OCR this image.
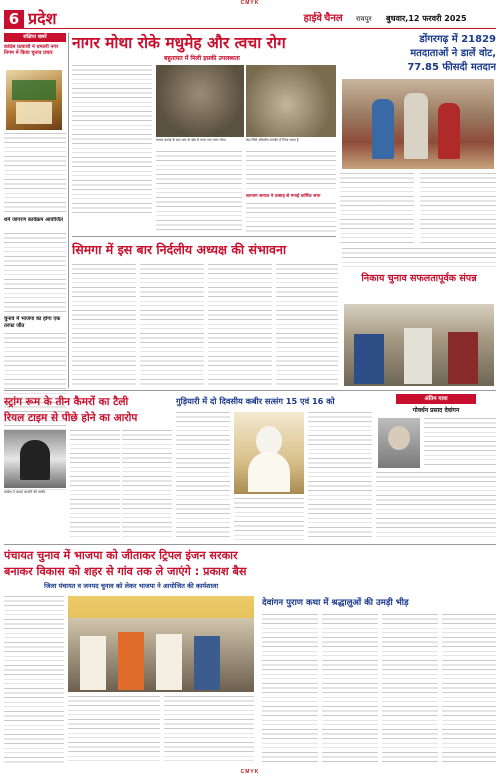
CMYK
6 प्रदेश	हाईवे चैनल	रायपुर	बुधवार,12 फरवरी 2025
संक्षिप्त खबरें
कांग्रेस प्रत्याशी ने धमतरी नगर निगम में किया चुनाव प्रचार
धर्म जागरण कार्यक्रम आयोजित
चुनाव में भाजपा का होगा एक तरफा जीत
नागर मोथा रोके मधुमेह और त्वचा रोग
बहुतायत में मिली इसकी उपलब्धता
फसल कटाई के बाद धान के खेत में पाया गया नागर मोथा	कंद जिसे औषधीय उपयोग में लिया जाता है
सतनाम समाज ने उत्साह से मनाई धार्मिक सभा
डोंगरगढ़ में 21829
मतदाताओं ने डालें वोट,
77.85 फीसदी मतदान
सिमगा में इस बार निर्दलीय अध्यक्ष की संभावना
निकाय चुनाव सफलतापूर्वक संपन्न
स्ट्रांग रूम के तीन कैमरों का टैली
रियल टाइम से पीछे होने का आरोप
कांग्रेस ने जताई आपत्ति की तस्वीर
गुड़ियारी में दो दिवसीय कबीर सत्संग 15 एवं 16 को	अंतिम यात्रा
गोवर्धन प्रसाद देवांगन
पंचायत चुनाव में भाजपा को जीताकर ट्रिपल इंजन सरकार
बनाकर विकास को शहर से गांव तक ले जाएंगे : प्रकाश बैस
जिला पंचायत व जनपद चुनाव को लेकर भाजपा ने आयोजित की कार्यशाला
देवांगन पुराण कथा में श्रद्धालुओं की उमड़ी भीड़
CMYK
